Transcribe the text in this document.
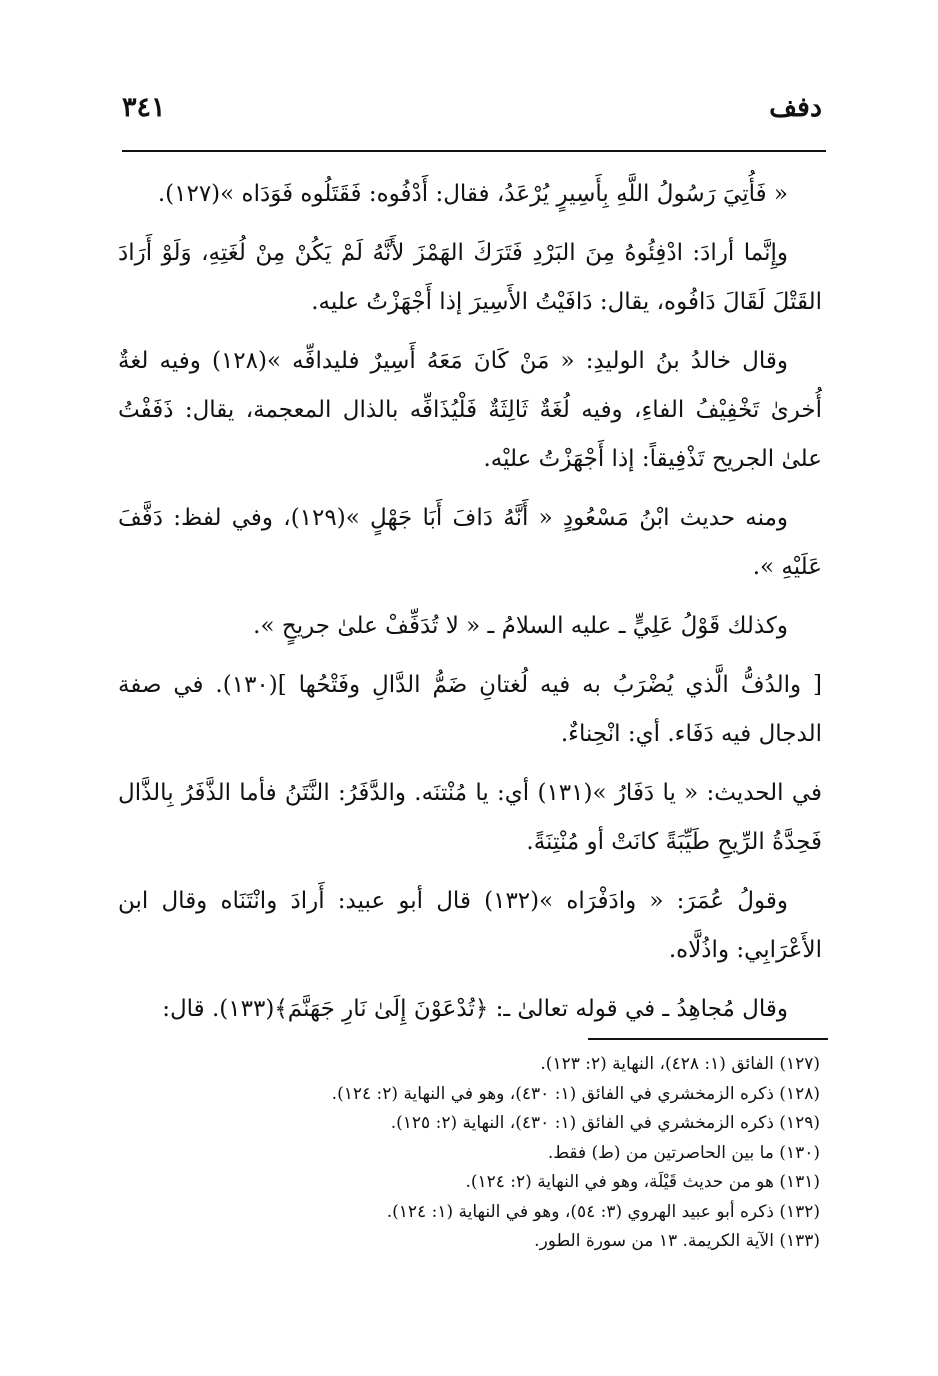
دفف
٣٤١

« فَأُتِيَ رَسُولُ اللَّهِ بِأَسِيرٍ يُرْعَدُ، فقال: أَدْفُوه: فَقَتَلُوه فَوَدَاه »(١٢٧).

وإِنَّما أرادَ: ادْفِئُوهُ مِنَ البَرْدِ فَتَرَكَ الهَمْزَ لأَنَّهُ لَمْ يَكُنْ مِنْ لُغَتِهِ، وَلَوْ أَرَادَ القَتْلَ لَقَالَ دَافُوه، يقال: دَافَيْتُ الأَسِيرَ إذا أَجْهَزْتُ عليه.

وقال خالدُ بنُ الوليدِ: « مَنْ كَانَ مَعَهُ أَسِيرٌ فليدافِّه »(١٢٨) وفيه لغةٌ أُخرىٰ تَخْفِيْفُ الفاءِ، وفيه لُغَةٌ ثَالِثَةٌ فَلْيُذَافِّه بالذال المعجمة، يقال: ذَفَفْتُ علىٰ الجريح تَذْفِيقاً: إذا أَجْهَزْتُ عليْه.

ومنه حديث ابْنُ مَسْعُودٍ « أَنَّهُ دَافَ أَبَا جَهْلٍ »(١٢٩)، وفي لفظ: دَفَّفَ عَلَيْهِ ».

وكذلك قَوْلُ عَلِيٍّ ـ عليه السلامُ ـ « لا تُدَفِّفْ علىٰ جريحٍ ».

[ والدُفُّ الَّذي يُضْرَبُ به فيه لُغتانِ ضَمُّ الدَّالِ وفَتْحُها ](١٣٠). في صفة الدجال فيه دَفَاء. أي: انْحِناءٌ.

في الحديث: « يا دَفَارُ »(١٣١) أي: يا مُنْتنَه. والدَّفَرُ: النَّتَنُ فأما الذَّفَرُ بِالذَّال فَحِدَّةُ الرِّيحِ طَيِّبَةً كانَتْ أو مُنْتِنَةً.

وقولُ عُمَرَ: « وادَفْرَاه »(١٣٢) قال أبو عبيد: أَرادَ وانْتَنَاه وقال ابن الأَعْرَابِي: واذُلَّاه.

وقال مُجاهِدُ ـ في قوله تعالىٰ ـ: ﴿تُدْعَوْنَ إِلَىٰ نَارِ جَهَنَّمَ﴾(١٣٣). قال:

(١٢٧) الفائق (١: ٤٢٨)، النهاية (٢: ١٢٣).

(١٢٨) ذكره الزمخشري في الفائق (١: ٤٣٠)، وهو في النهاية (٢: ١٢٤).

(١٢٩) ذكره الزمخشري في الفائق (١: ٤٣٠)، النهاية (٢: ١٢٥).

(١٣٠) ما بين الحاصرتين من (ط) فقط.

(١٣١) هو من حديث قَيْلَة، وهو في النهاية (٢: ١٢٤).

(١٣٢) ذكره أبو عبيد الهروي (٣: ٥٤)، وهو في النهاية (١: ١٢٤).

(١٣٣) الآية الكريمة. ١٣ من سورة الطور.
